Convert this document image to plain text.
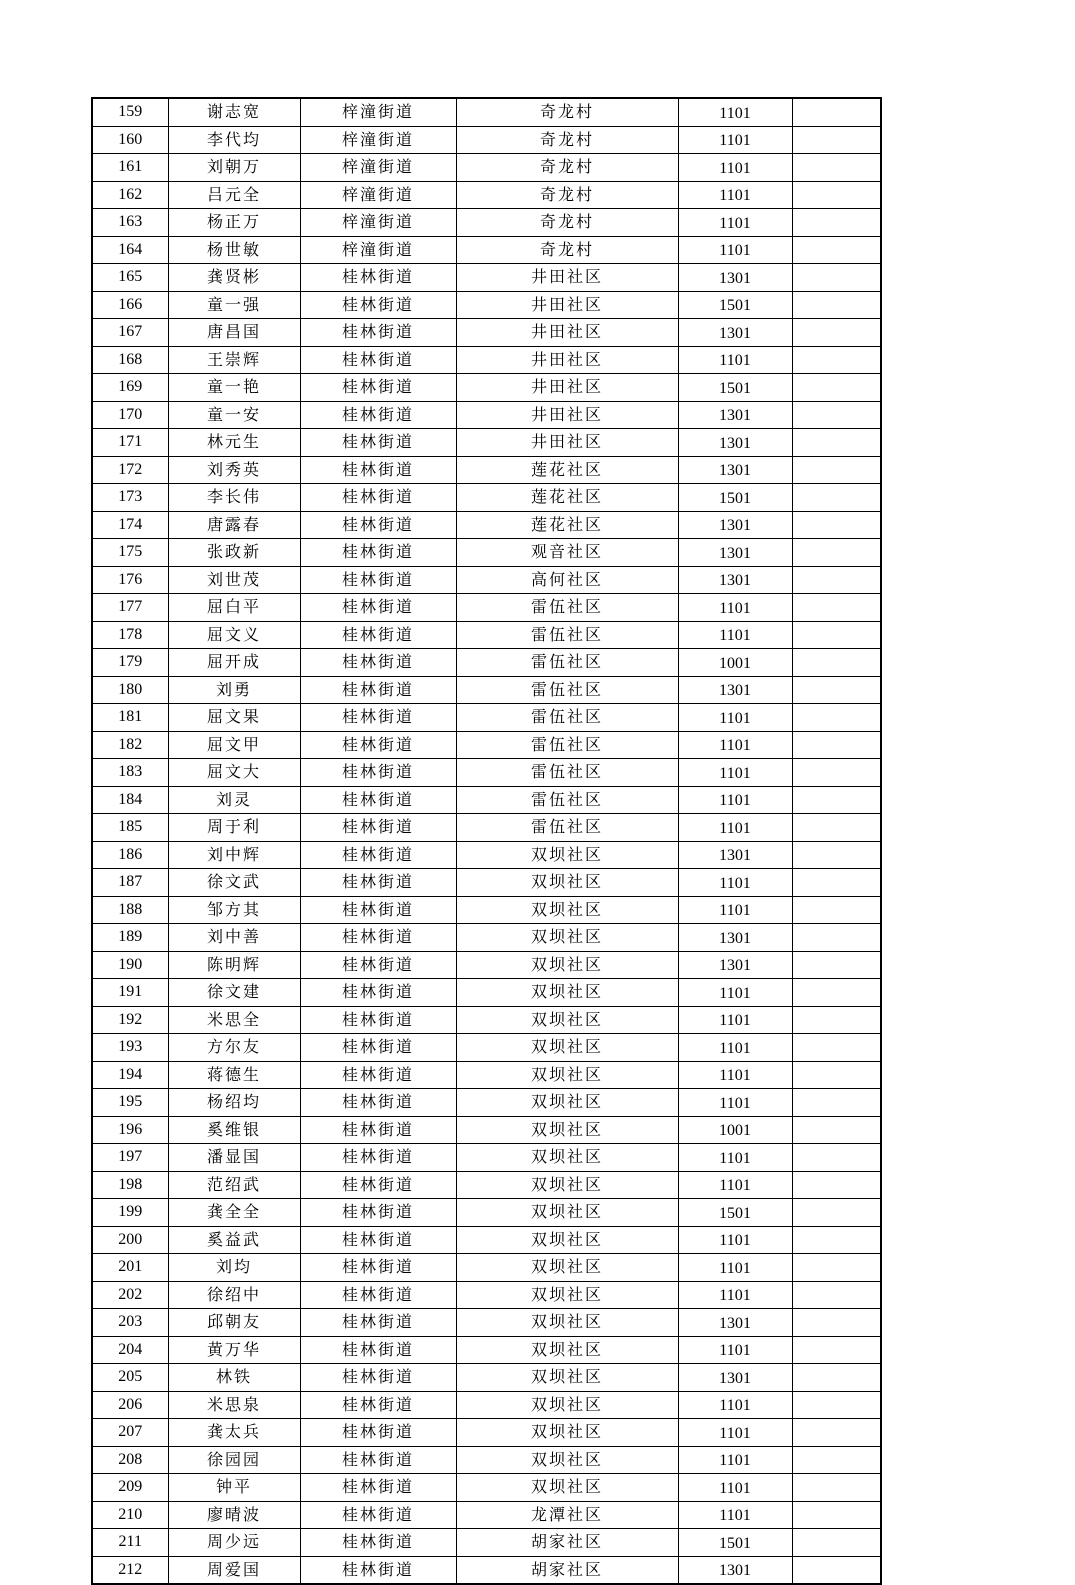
159	谢志宽	梓潼街道	奇龙村	1101	
160	李代均	梓潼街道	奇龙村	1101	
161	刘朝万	梓潼街道	奇龙村	1101	
162	吕元全	梓潼街道	奇龙村	1101	
163	杨正万	梓潼街道	奇龙村	1101	
164	杨世敏	梓潼街道	奇龙村	1101	
165	龚贤彬	桂林街道	井田社区	1301	
166	童一强	桂林街道	井田社区	1501	
167	唐昌国	桂林街道	井田社区	1301	
168	王崇辉	桂林街道	井田社区	1101	
169	童一艳	桂林街道	井田社区	1501	
170	童一安	桂林街道	井田社区	1301	
171	林元生	桂林街道	井田社区	1301	
172	刘秀英	桂林街道	莲花社区	1301	
173	李长伟	桂林街道	莲花社区	1501	
174	唐露春	桂林街道	莲花社区	1301	
175	张政新	桂林街道	观音社区	1301	
176	刘世茂	桂林街道	高何社区	1301	
177	屈白平	桂林街道	雷伍社区	1101	
178	屈文义	桂林街道	雷伍社区	1101	
179	屈开成	桂林街道	雷伍社区	1001	
180	刘勇	桂林街道	雷伍社区	1301	
181	屈文果	桂林街道	雷伍社区	1101	
182	屈文甲	桂林街道	雷伍社区	1101	
183	屈文大	桂林街道	雷伍社区	1101	
184	刘灵	桂林街道	雷伍社区	1101	
185	周于利	桂林街道	雷伍社区	1101	
186	刘中辉	桂林街道	双坝社区	1301	
187	徐文武	桂林街道	双坝社区	1101	
188	邹方其	桂林街道	双坝社区	1101	
189	刘中善	桂林街道	双坝社区	1301	
190	陈明辉	桂林街道	双坝社区	1301	
191	徐文建	桂林街道	双坝社区	1101	
192	米思全	桂林街道	双坝社区	1101	
193	方尔友	桂林街道	双坝社区	1101	
194	蒋德生	桂林街道	双坝社区	1101	
195	杨绍均	桂林街道	双坝社区	1101	
196	奚维银	桂林街道	双坝社区	1001	
197	潘显国	桂林街道	双坝社区	1101	
198	范绍武	桂林街道	双坝社区	1101	
199	龚全全	桂林街道	双坝社区	1501	
200	奚益武	桂林街道	双坝社区	1101	
201	刘均	桂林街道	双坝社区	1101	
202	徐绍中	桂林街道	双坝社区	1101	
203	邱朝友	桂林街道	双坝社区	1301	
204	黄万华	桂林街道	双坝社区	1101	
205	林铁	桂林街道	双坝社区	1301	
206	米思泉	桂林街道	双坝社区	1101	
207	龚太兵	桂林街道	双坝社区	1101	
208	徐园园	桂林街道	双坝社区	1101	
209	钟平	桂林街道	双坝社区	1101	
210	廖晴波	桂林街道	龙潭社区	1101	
211	周少远	桂林街道	胡家社区	1501	
212	周爱国	桂林街道	胡家社区	1301	
